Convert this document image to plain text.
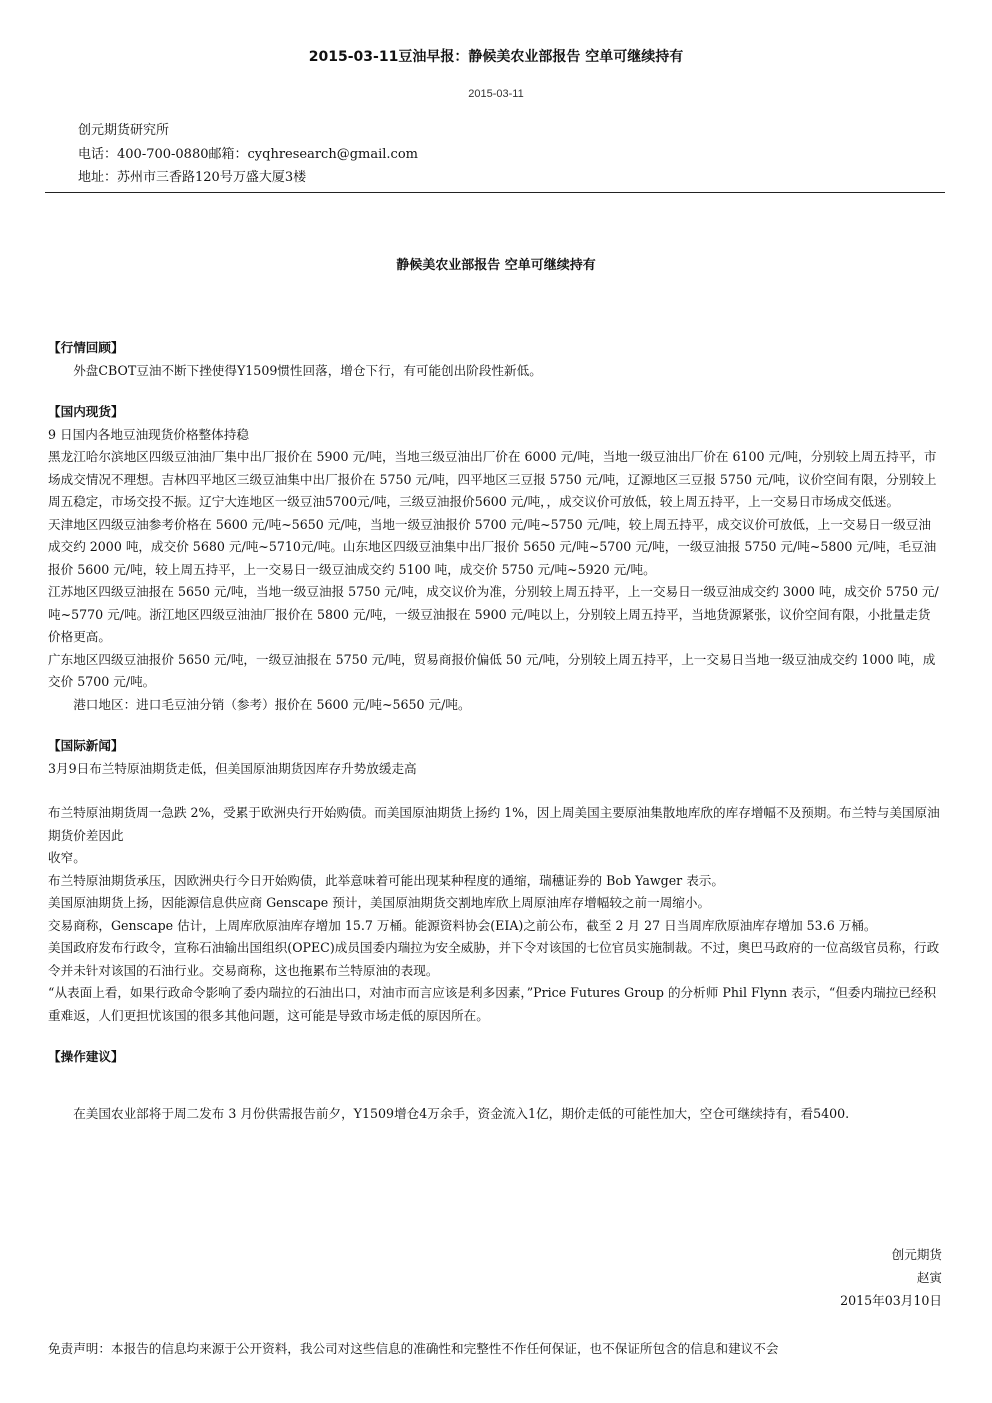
2015-03-11豆油早报：静候美农业部报告 空单可继续持有
2015-03-11
创元期货研究所
电话：400-700-0880邮箱：cyqhresearch@gmail.com
地址：苏州市三香路120号万盛大厦3楼
静候美农业部报告 空单可继续持有

【行情回顾】

外盘CBOT豆油不断下挫使得Y1509惯性回落，增仓下行，有可能创出阶段性新低。

【国内现货】

9 日国内各地豆油现货价格整体持稳

黑龙江哈尔滨地区四级豆油油厂集中出厂报价在 5900 元/吨，当地三级豆油出厂价在 6000 元/吨，当地一级豆油出厂价在 6100 元/吨，分别较上周五持平，市场成交情况不理想。吉林四平地区三级豆油集中出厂报价在 5750 元/吨，四平地区三豆报 5750 元/吨，辽源地区三豆报 5750 元/吨，议价空间有限，分别较上周五稳定，市场交投不振。辽宁大连地区一级豆油5700元/吨，三级豆油报价5600 元/吨，，成交议价可放低，较上周五持平，上一交易日市场成交低迷。

天津地区四级豆油参考价格在 5600 元/吨~5650 元/吨，当地一级豆油报价 5700 元/吨~5750 元/吨，较上周五持平，成交议价可放低，上一交易日一级豆油成交约 2000 吨，成交价 5680 元/吨~5710元/吨。山东地区四级豆油集中出厂报价 5650 元/吨~5700 元/吨，一级豆油报 5750 元/吨~5800 元/吨，毛豆油报价 5600 元/吨，较上周五持平，上一交易日一级豆油成交约 5100 吨，成交价 5750 元/吨~5920 元/吨。

江苏地区四级豆油报在 5650 元/吨，当地一级豆油报 5750 元/吨，成交议价为准，分别较上周五持平，上一交易日一级豆油成交约 3000 吨，成交价 5750 元/吨~5770 元/吨。浙江地区四级豆油油厂报价在 5800 元/吨，一级豆油报在 5900 元/吨以上，分别较上周五持平，当地货源紧张，议价空间有限，小批量走货价格更高。

广东地区四级豆油报价 5650 元/吨，一级豆油报在 5750 元/吨，贸易商报价偏低 50 元/吨，分别较上周五持平，上一交易日当地一级豆油成交约 1000 吨，成交价 5700 元/吨。

港口地区：进口毛豆油分销（参考）报价在 5600 元/吨~5650 元/吨。

【国际新闻】

3月9日布兰特原油期货走低，但美国原油期货因库存升势放缓走高

布兰特原油期货周一急跌 2%，受累于欧洲央行开始购债。而美国原油期货上扬约 1%，因上周美国主要原油集散地库欣的库存增幅不及预期。布兰特与美国原油期货价差因此

收窄。

布兰特原油期货承压，因欧洲央行今日开始购债，此举意味着可能出现某种程度的通缩，瑞穗证券的 Bob Yawger 表示。

美国原油期货上扬，因能源信息供应商 Genscape 预计，美国原油期货交割地库欣上周原油库存增幅较之前一周缩小。

交易商称，Genscape 估计，上周库欣原油库存增加 15.7 万桶。能源资料协会(EIA)之前公布，截至 2 月 27 日当周库欣原油库存增加 53.6 万桶。

美国政府发布行政令，宣称石油输出国组织(OPEC)成员国委内瑞拉为安全威胁，并下令对该国的七位官员实施制裁。不过，奥巴马政府的一位高级官员称，行政令并未针对该国的石油行业。交易商称，这也拖累布兰特原油的表现。

“从表面上看，如果行政命令影响了委内瑞拉的石油出口，对油市而言应该是利多因素，”Price Futures Group 的分析师 Phil Flynn 表示，“但委内瑞拉已经积重难返，人们更担忧该国的很多其他问题，这可能是导致市场走低的原因所在。

【操作建议】

在美国农业部将于周二发布 3 月份供需报告前夕，Y1509增仓4万余手，资金流入1亿，期价走低的可能性加大，空仓可继续持有，看5400.

创元期货
赵寅
2015年03月10日
免责声明：本报告的信息均来源于公开资料，我公司对这些信息的准确性和完整性不作任何保证，也不保证所包含的信息和建议不会
